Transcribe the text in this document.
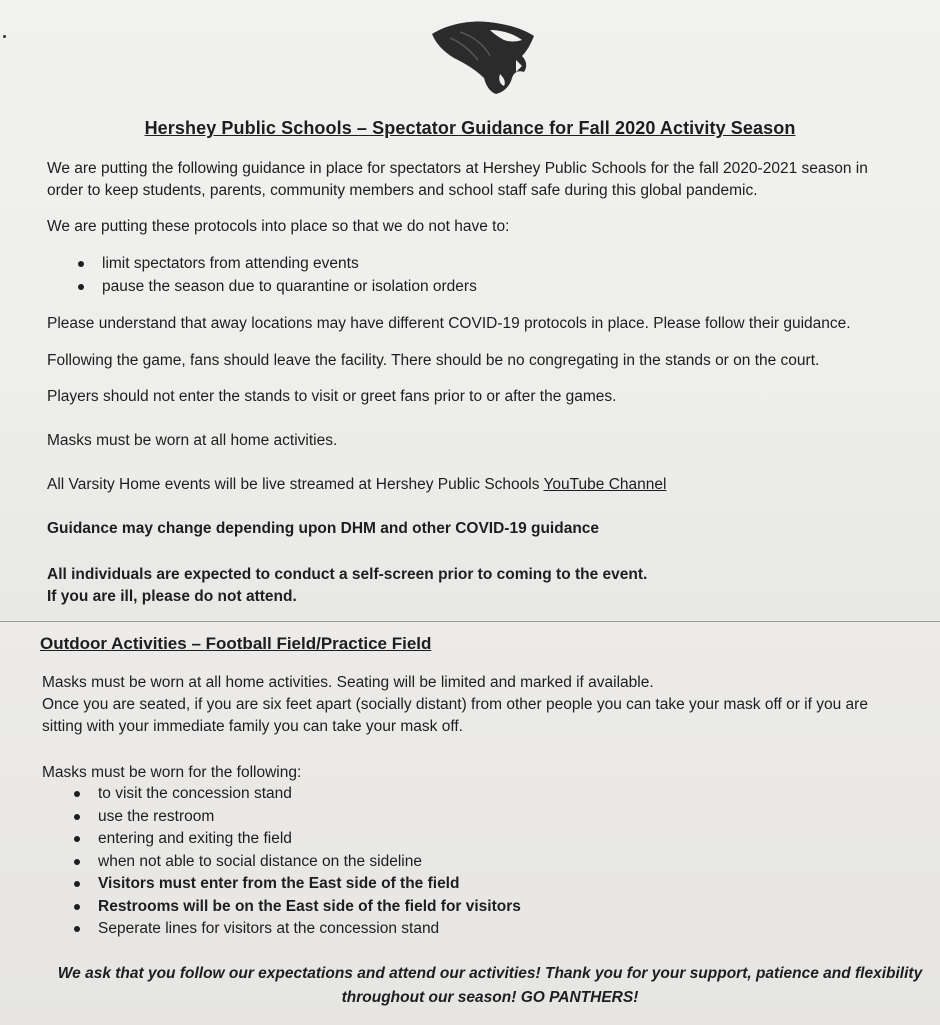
Hershey Public Schools – Spectator Guidance for Fall 2020 Activity Season
We are putting the following guidance in place for spectators at Hershey Public Schools for the fall 2020-2021 season in
order to keep students, parents, community members and school staff safe during this global pandemic.
We are putting these protocols into place so that we do not have to:
limit spectators from attending events
pause the season due to quarantine or isolation orders
Please understand that away locations may have different COVID-19 protocols in place. Please follow their guidance.
Following the game, fans should leave the facility. There should be no congregating in the stands or on the court.
Players should not enter the stands to visit or greet fans prior to or after the games.
Masks must be worn at all home activities.
All Varsity Home events will be live streamed at Hershey Public Schools YouTube Channel
Guidance may change depending upon DHM and other COVID-19 guidance
All individuals are expected to conduct a self-screen prior to coming to the event.
If you are ill, please do not attend.
Outdoor Activities – Football Field/Practice Field
Masks must be worn at all home activities. Seating will be limited and marked if available.
Once you are seated, if you are six feet apart (socially distant) from other people you can take your mask off or if you are
sitting with your immediate family you can take your mask off.
Masks must be worn for the following:
to visit the concession stand
use the restroom
entering and exiting the field
when not able to social distance on the sideline
Visitors must enter from the East side of the field
Restrooms will be on the East side of the field for visitors
Seperate lines for visitors at the concession stand
We ask that you follow our expectations and attend our activities! Thank you for your support, patience and flexibility
throughout our season! GO PANTHERS!
